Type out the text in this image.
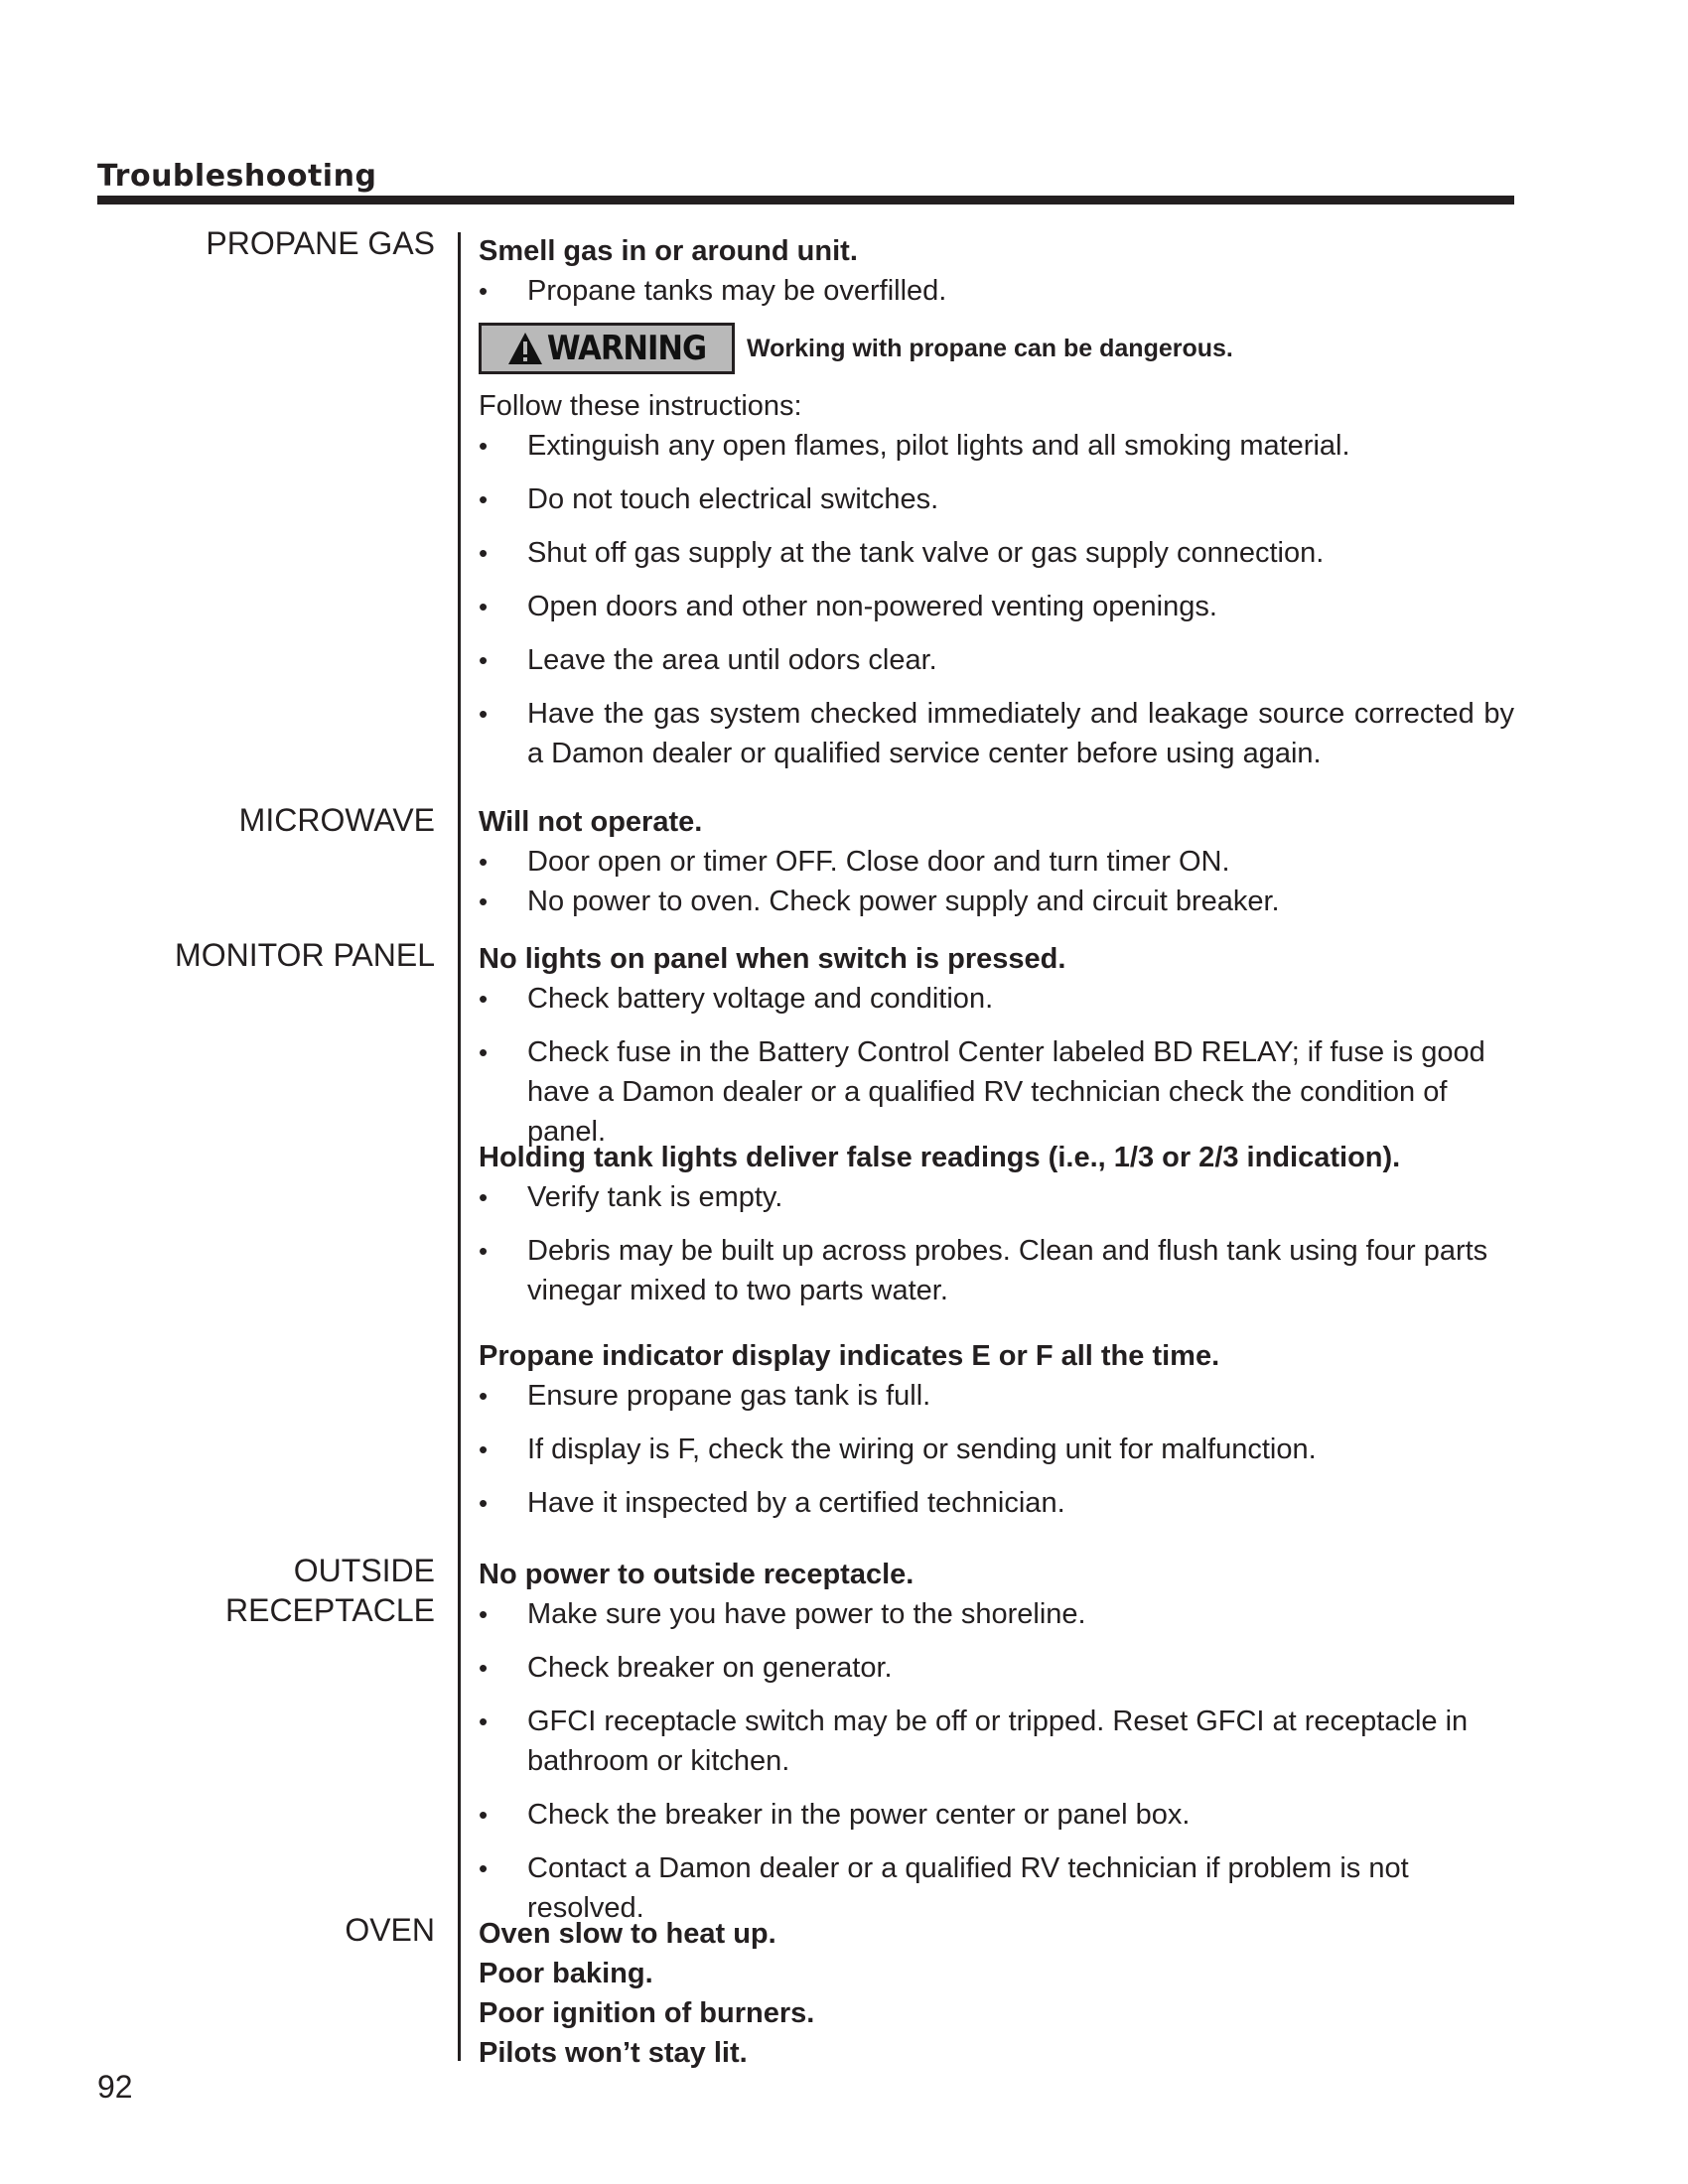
Troubleshooting
PROPANE GAS
MICROWAVE
MONITOR PANEL
OUTSIDE
RECEPTACLE
OVEN
Smell gas in or around unit.
• Propane tanks may be overfilled.
WARNING Working with propane can be dangerous.
Follow these instructions:
• Extinguish any open flames, pilot lights and all smoking material.
• Do not touch electrical switches.
• Shut off gas supply at the tank valve or gas supply connection.
• Open doors and other non-powered venting openings.
• Leave the area until odors clear.
• Have the gas system checked immediately and leakage source corrected by a Damon dealer or qualified service center before using again.
Will not operate.
• Door open or timer OFF. Close door and turn timer ON.
• No power to oven. Check power supply and circuit breaker.
No lights on panel when switch is pressed.
• Check battery voltage and condition.
• Check fuse in the Battery Control Center labeled BD RELAY; if fuse is good have a Damon dealer or a qualified RV technician check the condition of panel.
Holding tank lights deliver false readings (i.e., 1/3 or 2/3 indication).
• Verify tank is empty.
• Debris may be built up across probes. Clean and flush tank using four parts vinegar mixed to two parts water.
Propane indicator display indicates E or F all the time.
• Ensure propane gas tank is full.
• If display is F, check the wiring or sending unit for malfunction.
• Have it inspected by a certified technician.
No power to outside receptacle.
• Make sure you have power to the shoreline.
• Check breaker on generator.
• GFCI receptacle switch may be off or tripped. Reset GFCI at receptacle in bathroom or kitchen.
• Check the breaker in the power center or panel box.
• Contact a Damon dealer or a qualified RV technician if problem is not resolved.
Oven slow to heat up.
Poor baking.
Poor ignition of burners.
Pilots won’t stay lit.
92
